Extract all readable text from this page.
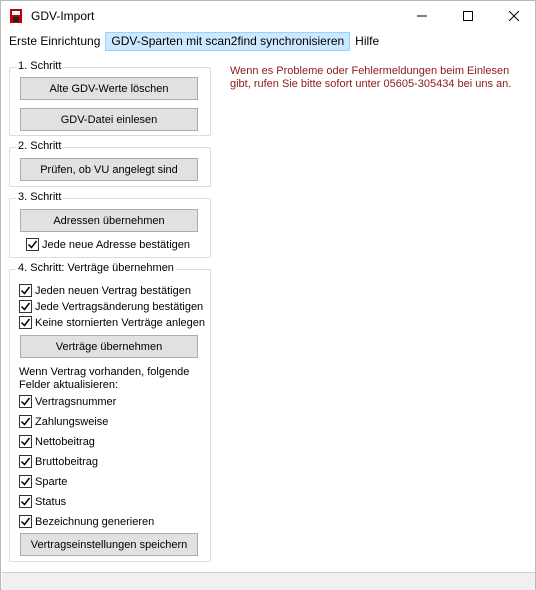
GDV-Import
Erste Einrichtung GDV-Sparten mit scan2find synchronisieren Hilfe
1. Schritt
Alte GDV-Werte löschen
GDV-Datei einlesen
2. Schritt
Prüfen, ob VU angelegt sind
3. Schritt
Adressen übernehmen
Jede neue Adresse bestätigen
4. Schritt: Verträge übernehmen
Jeden neuen Vertrag bestätigen
Jede Vertragsänderung bestätigen
Keine stornierten Verträge anlegen
Verträge übernehmen
Wenn Vertrag vorhanden, folgende Felder aktualisieren:
Vertragsnummer
Zahlungsweise
Nettobeitrag
Bruttobeitrag
Sparte
Status
Bezeichnung generieren
Vertragseinstellungen speichern
Wenn es Probleme oder Fehlermeldungen beim Einlesen gibt, rufen Sie bitte sofort unter 05605-305434 bei uns an.
